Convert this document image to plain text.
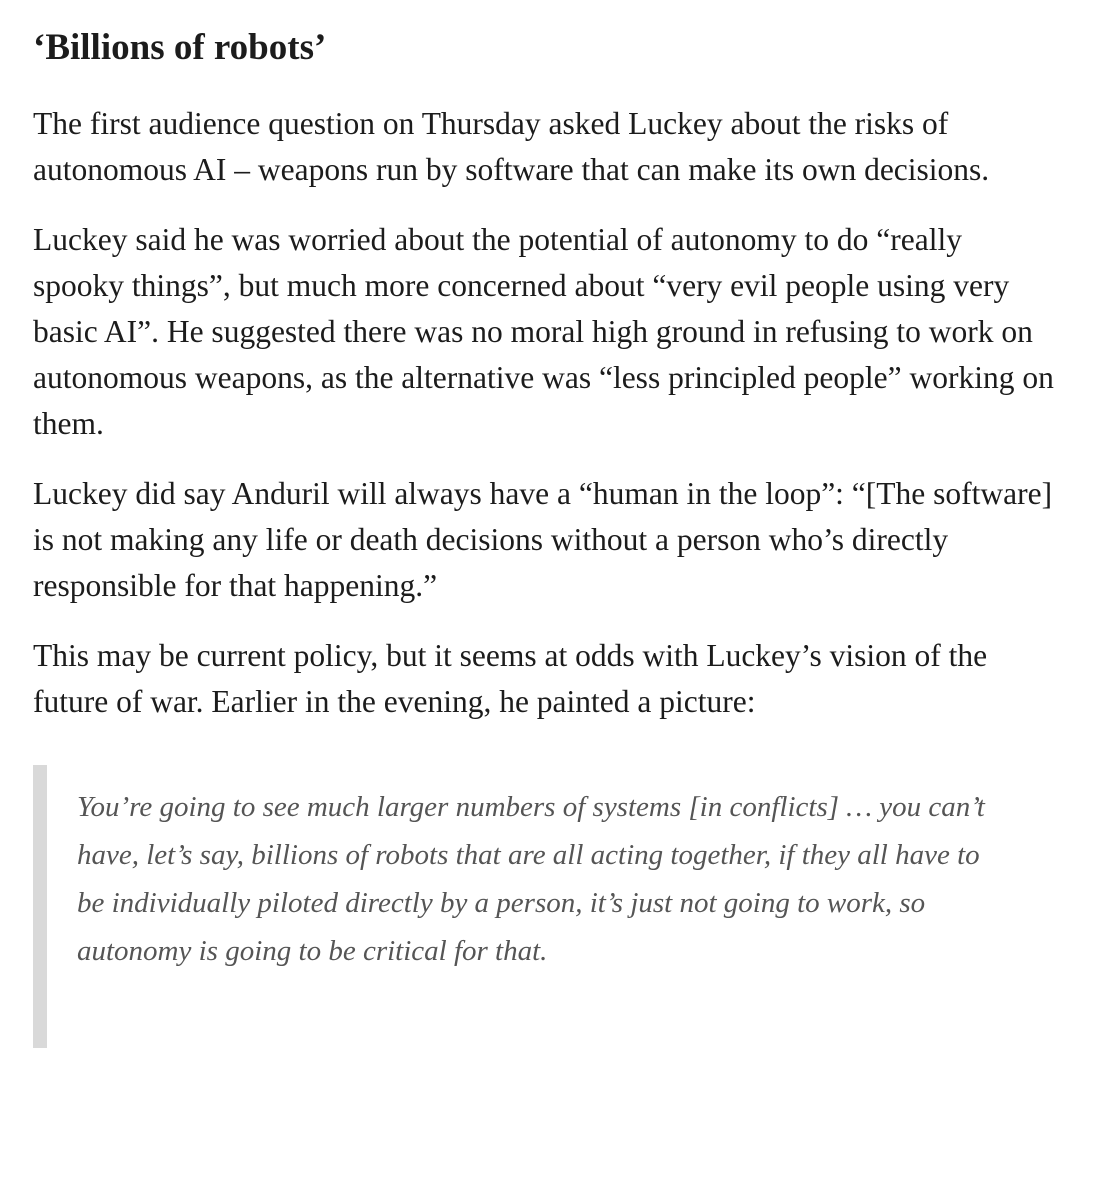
‘Billions of robots’

The first audience question on Thursday asked Luckey about the risks of autonomous AI – weapons run by software that can make its own decisions.

Luckey said he was worried about the potential of autonomy to do “really spooky things”, but much more concerned about “very evil people using very basic AI”. He suggested there was no moral high ground in refusing to work on autonomous weapons, as the alternative was “less principled people” working on them.

Luckey did say Anduril will always have a “human in the loop”: “[The software] is not making any life or death decisions without a person who’s directly responsible for that happening.”

This may be current policy, but it seems at odds with Luckey’s vision of the future of war. Earlier in the evening, he painted a picture:

You’re going to see much larger numbers of systems [in conflicts] … you can’t have, let’s say, billions of robots that are all acting together, if they all have to be individually piloted directly by a person, it’s just not going to work, so autonomy is going to be critical for that.
